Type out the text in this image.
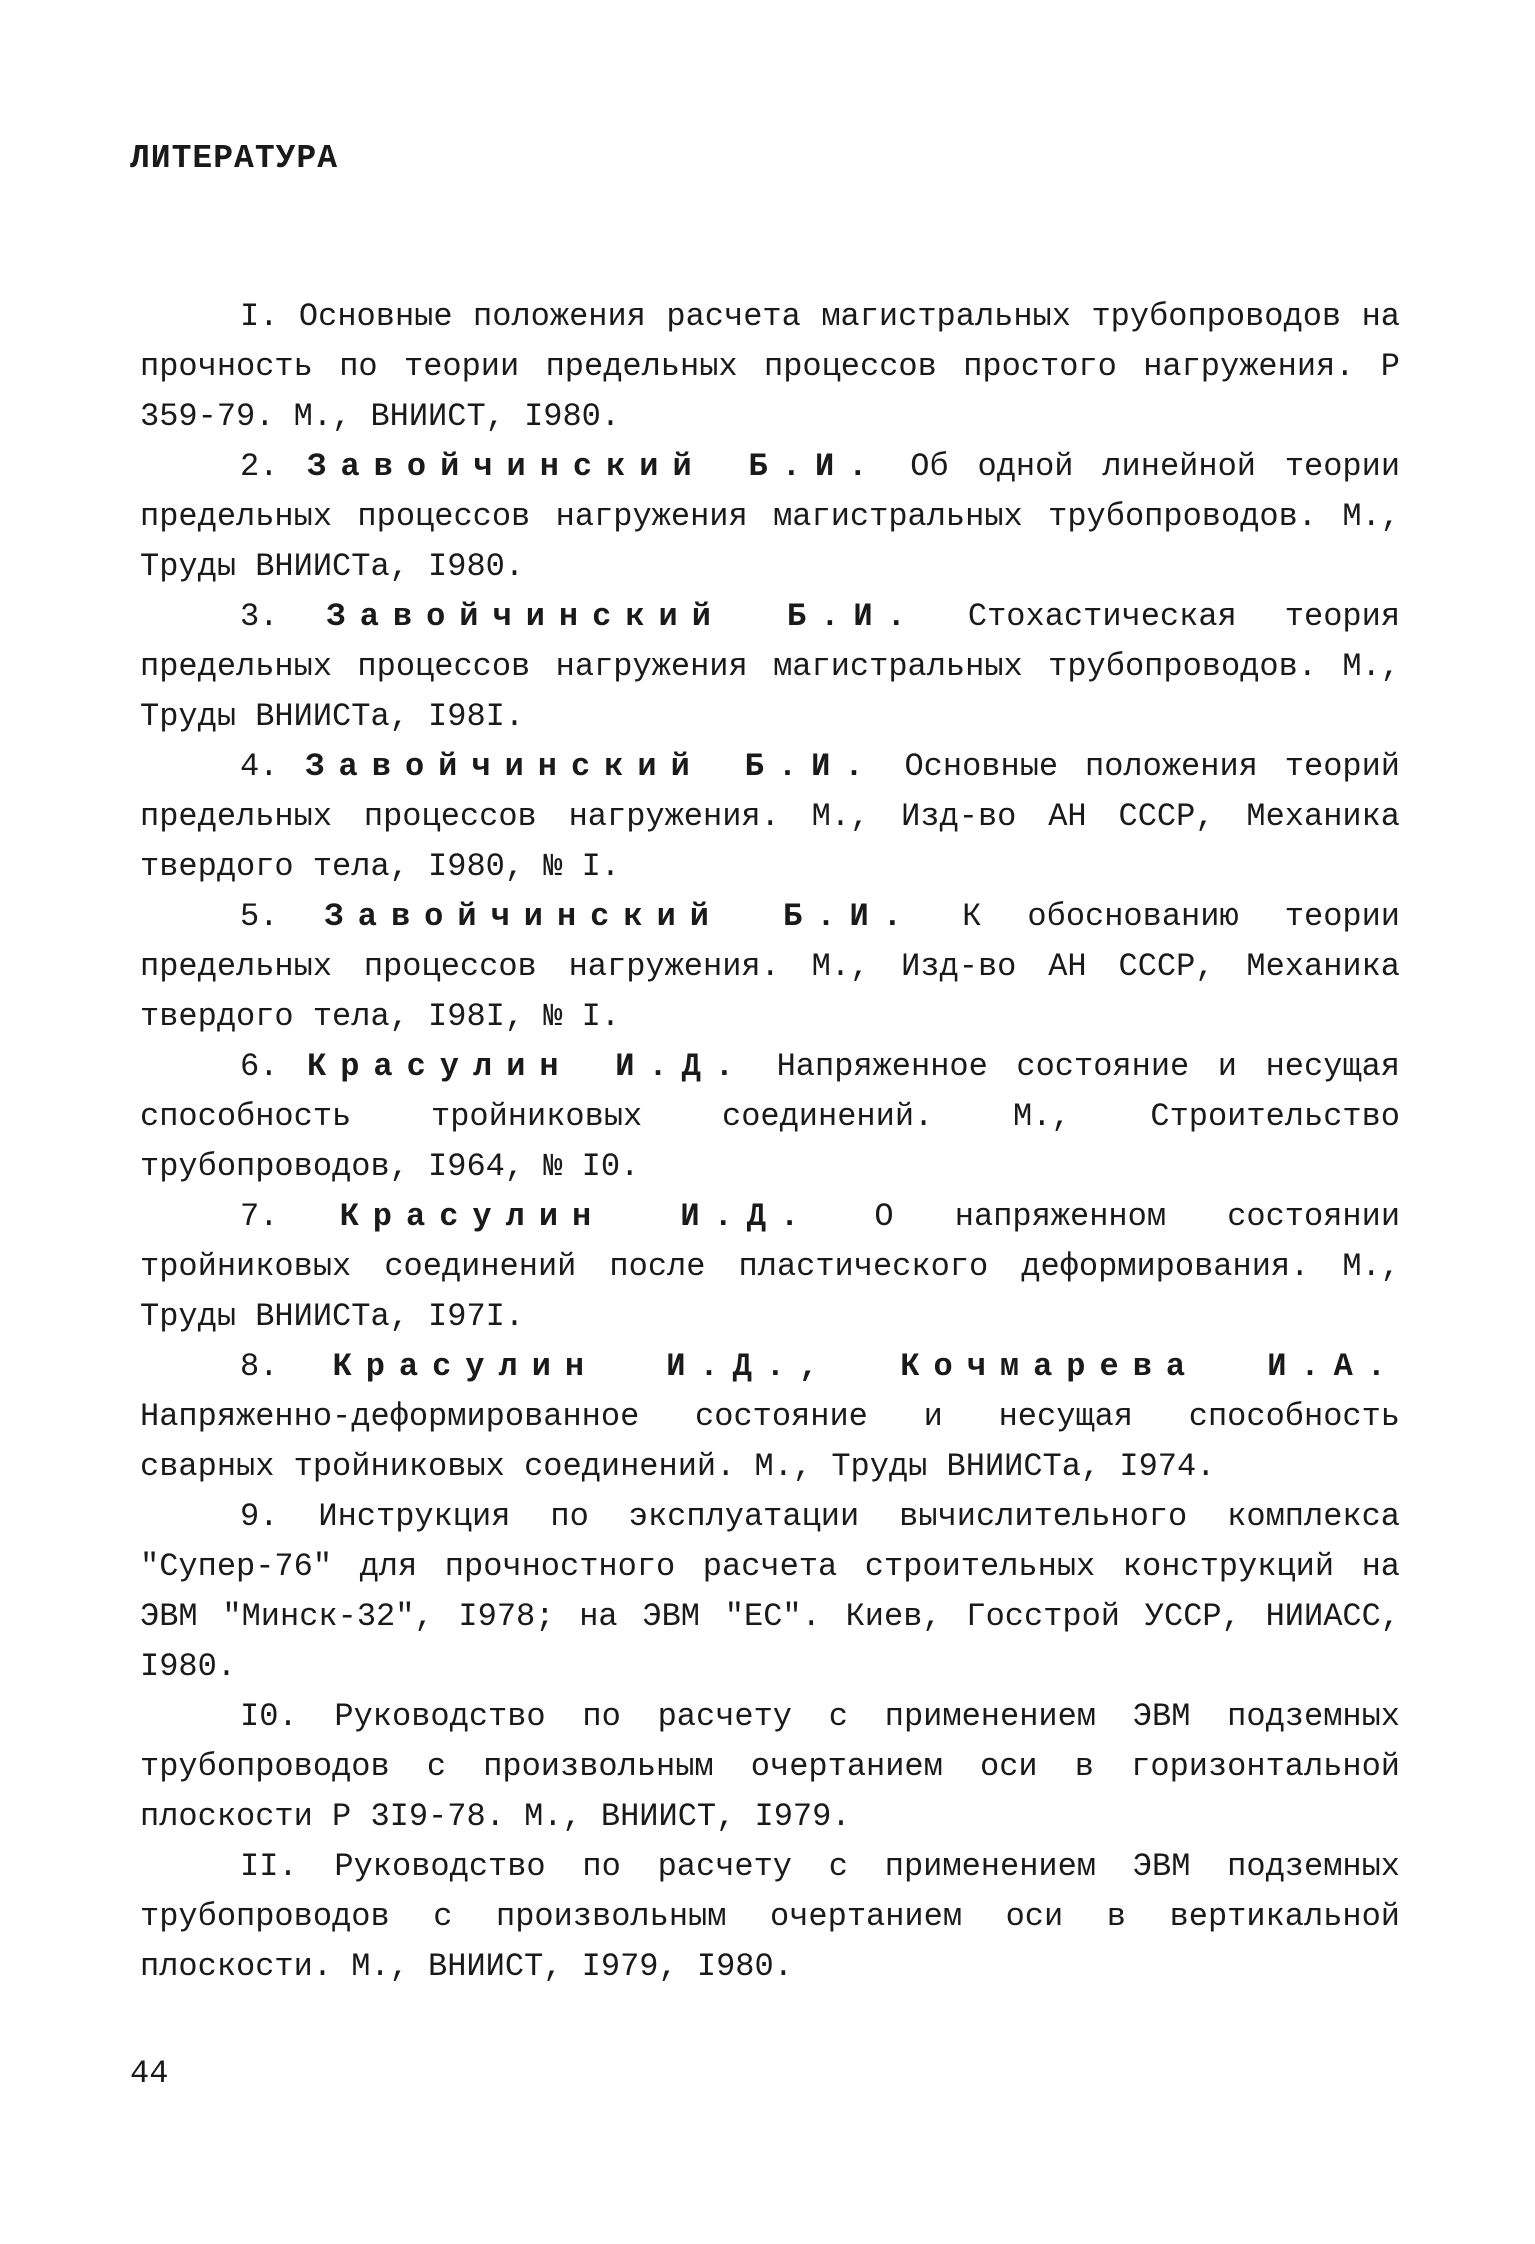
ЛИТЕРАТУРА

I. Основные положения расчета магистральных трубопроводов на прочность по теории предельных процессов простого нагружения. Р 359-79. М., ВНИИСТ, I980.

2. Завойчинский Б.И. Об одной линейной теории предельных процессов нагружения магистральных трубопроводов. М., Труды ВНИИСТа, I980.

3. Завойчинский Б.И. Стохастическая теория предельных процессов нагружения магистральных трубопроводов. М., Труды ВНИИСТа, I98I.

4. Завойчинский Б.И. Основные положения теорий предельных процессов нагружения. М., Изд-во АН СССР, Механика твердого тела, I980, № I.

5. Завойчинский Б.И. К обоснованию теории предельных процессов нагружения. М., Изд-во АН СССР, Механика твердого тела, I98I, № I.

6. Красулин И.Д. Напряженное состояние и несущая способность тройниковых соединений. М., Строительство трубопроводов, I964, № I0.

7. Красулин И.Д. О напряженном состоянии тройниковых соединений после пластического деформирования. М., Труды ВНИИСТа, I97I.

8. Красулин И.Д., Кочмарева И.А. Напряженно-деформированное состояние и несущая способность сварных тройниковых соединений. М., Труды ВНИИСТа, I974.

9. Инструкция по эксплуатации вычислительного комплекса "Супер-76" для прочностного расчета строительных конструкций на ЭВМ "Минск-32", I978; на ЭВМ "ЕС". Киев, Госстрой УССР, НИИАСС, I980.

I0. Руководство по расчету с применением ЭВМ подземных трубопроводов с произвольным очертанием оси в горизонтальной плоскости Р 3I9-78. М., ВНИИСТ, I979.

II. Руководство по расчету с применением ЭВМ подземных трубопроводов с произвольным очертанием оси в вертикальной плоскости. М., ВНИИСТ, I979, I980.

44
